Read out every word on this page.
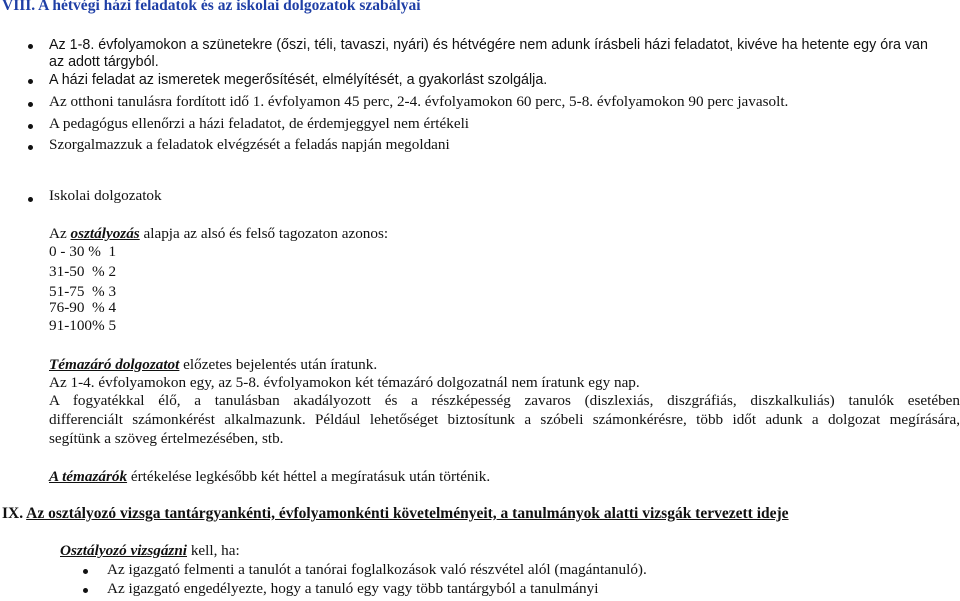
VIII. A hétvégi házi feladatok és az iskolai dolgozatok szabályai
Az 1-8. évfolyamokon a szünetekre (őszi, téli, tavaszi, nyári) és hétvégére nem adunk írásbeli házi feladatot, kivéve ha hetente egy óra van
az adott tárgyból.
A házi feladat az ismeretek megerősítését, elmélyítését, a gyakorlást szolgálja.
Az otthoni tanulásra fordított idő 1. évfolyamon 45 perc, 2-4. évfolyamokon 60 perc, 5-8. évfolyamokon 90 perc javasolt.
A pedagógus ellenőrzi a házi feladatot, de érdemjeggyel nem értékeli
Szorgalmazzuk a feladatok elvégzését a feladás napján megoldani
Iskolai dolgozatok
Az osztályozás alapja az alsó és felső tagozaton azonos:
0 - 30 %  1
31-50  % 2
51-75  % 3
76-90  % 4
91-100% 5
Témazáró dolgozatot előzetes bejelentés után íratunk.
Az 1-4. évfolyamokon egy, az 5-8. évfolyamokon két témazáró dolgozatnál nem íratunk egy nap.
A fogyatékkal élő, a tanulásban akadályozott és a részképesség zavaros (diszlexiás, diszgráfiás, diszkalkuliás) tanulók esetében
differenciált számonkérést alkalmazunk. Például lehetőséget biztosítunk a szóbeli számonkérésre, több időt adunk a dolgozat megírására,
segítünk a szöveg értelmezésében, stb.
A témazárók értékelése legkésőbb két héttel a megíratásuk után történik.
IX. Az osztályozó vizsga tantárgyankénti, évfolyamonkénti követelményeit, a tanulmányok alatti vizsgák tervezett ideje
Osztályozó vizsgázni kell, ha:
Az igazgató felmenti a tanulót a tanórai foglalkozások való részvétel alól (magántanuló).
Az igazgató engedélyezte, hogy a tanuló egy vagy több tantárgyból a tanulmányi
